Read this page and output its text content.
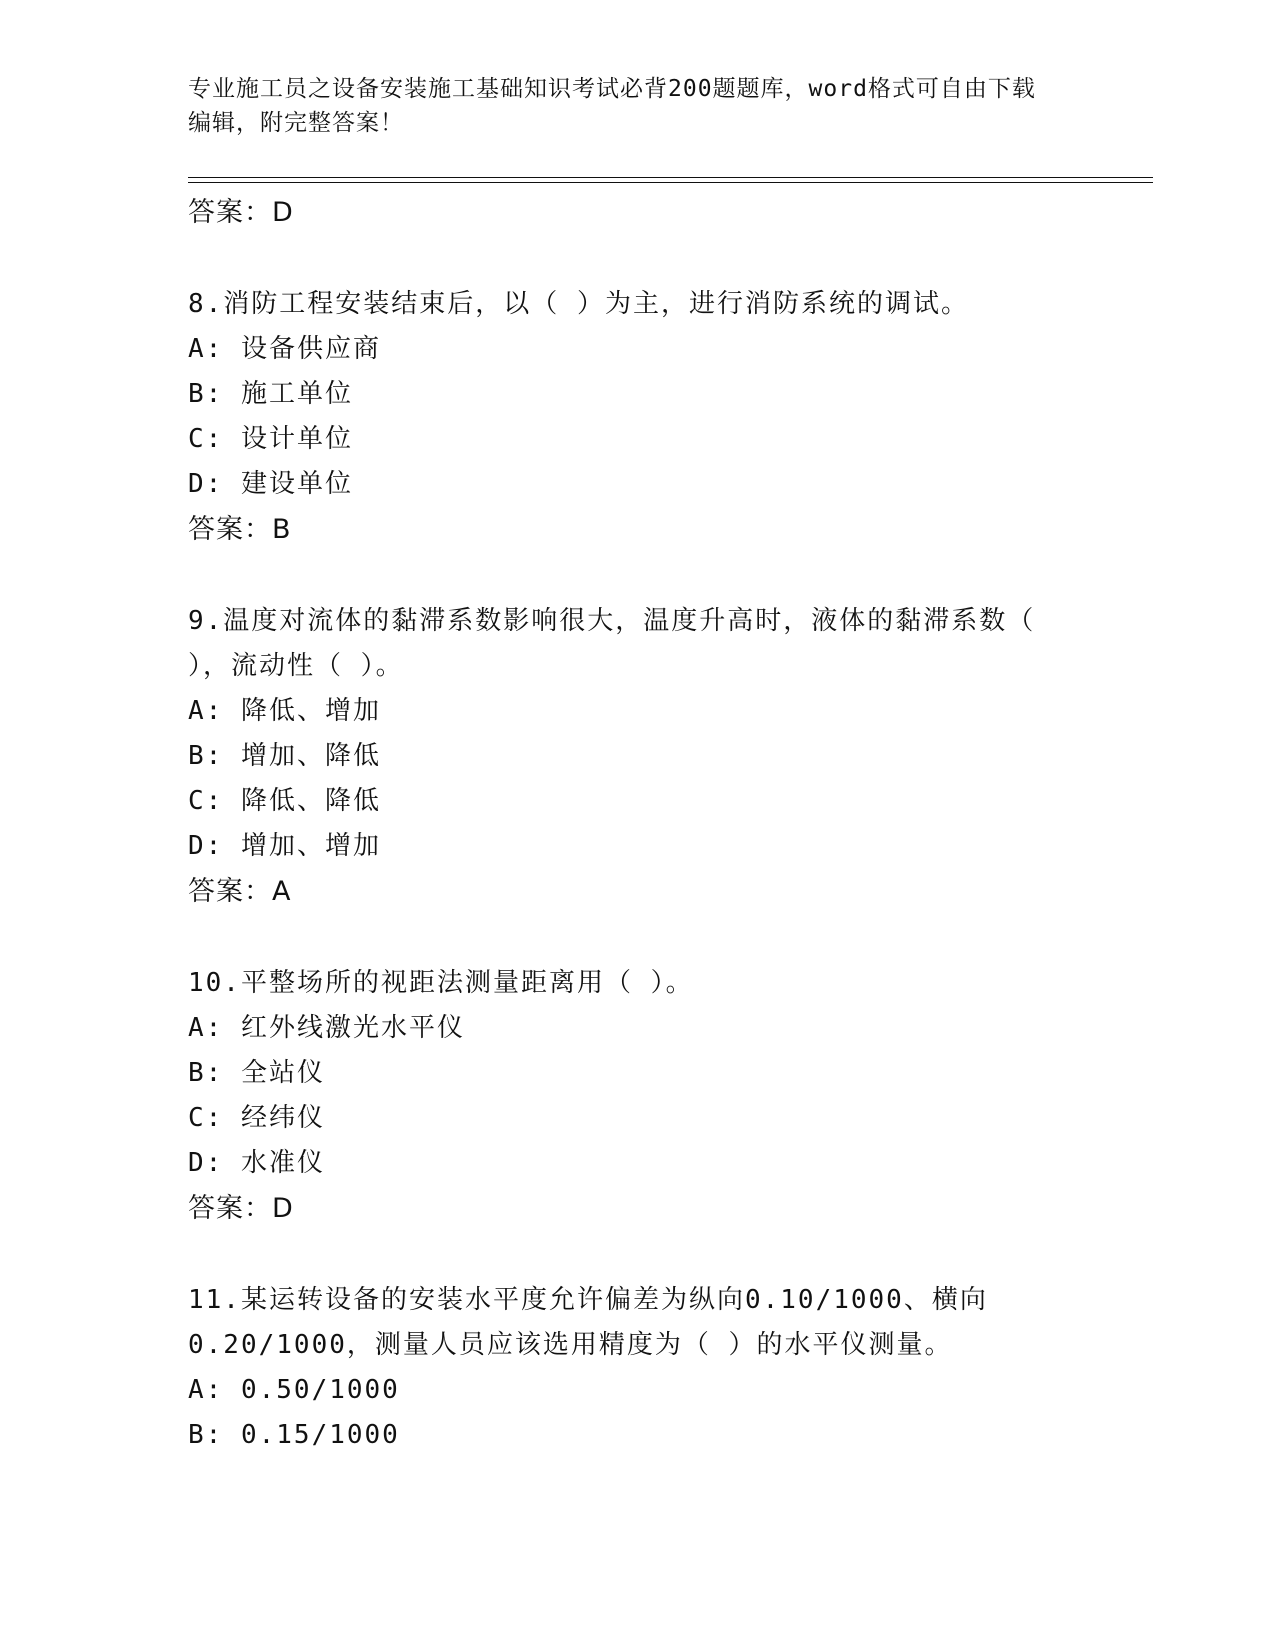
专业施工员之设备安装施工基础知识考试必背200题题库，word格式可自由下载
编辑，附完整答案！
答案：D
8.消防工程安装结束后，以（ ）为主，进行消防系统的调试。
A: 设备供应商
B: 施工单位
C: 设计单位
D: 建设单位
答案：B
9.温度对流体的黏滞系数影响很大，温度升高时，液体的黏滞系数（
），流动性（ ）。
A: 降低、增加
B: 增加、降低
C: 降低、降低
D: 增加、增加
答案：A
10.平整场所的视距法测量距离用（ ）。
A: 红外线激光水平仪
B: 全站仪
C: 经纬仪
D: 水准仪
答案：D
11.某运转设备的安装水平度允许偏差为纵向0.10/1000、横向
0.20/1000，测量人员应该选用精度为（ ）的水平仪测量。
A: 0.50/1000
B: 0.15/1000
